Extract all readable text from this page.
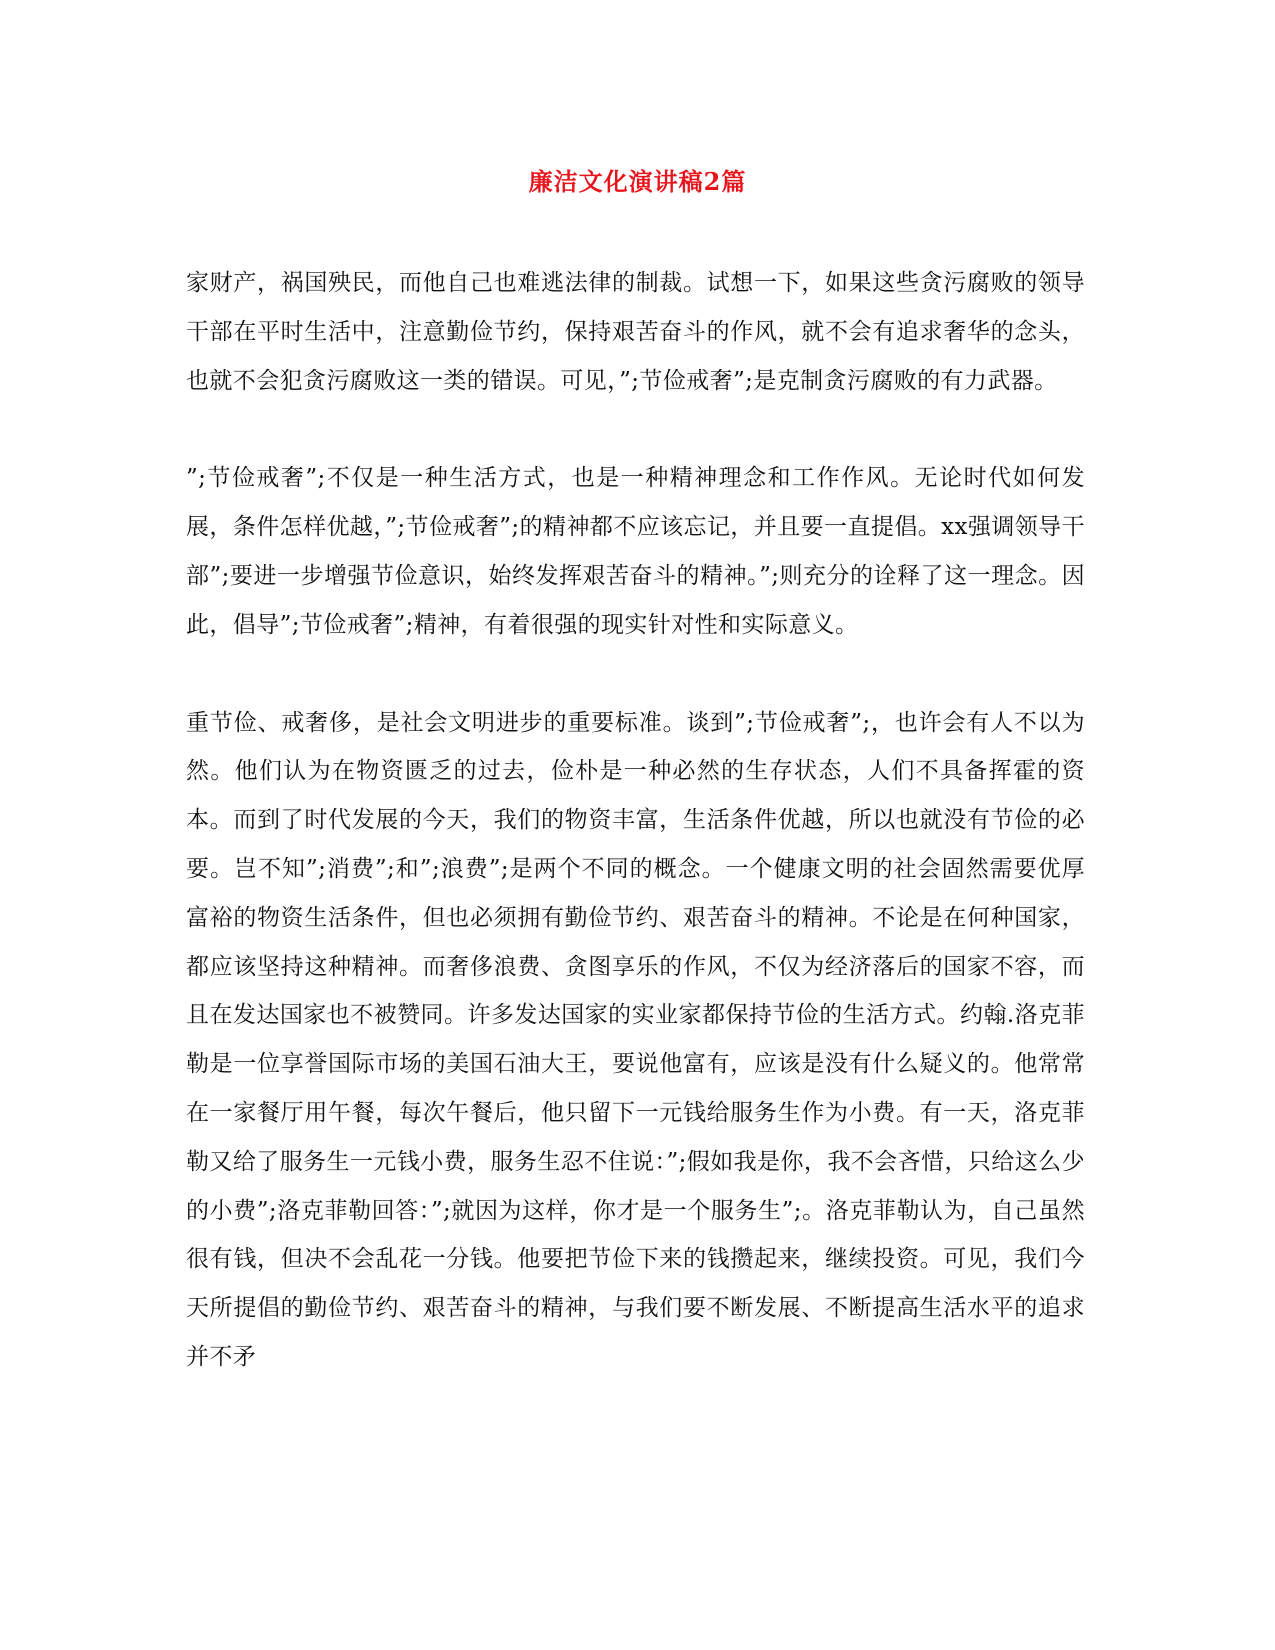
廉洁文化演讲稿2篇

家财产，祸国殃民，而他自己也难逃法律的制裁。试想一下，如果这些贪污腐败的领导干部在平时生活中，注意勤俭节约，保持艰苦奋斗的作风，就不会有追求奢华的念头，也就不会犯贪污腐败这一类的错误。可见，”;节俭戒奢”;是克制贪污腐败的有力武器。

”;节俭戒奢”;不仅是一种生活方式，也是一种精神理念和工作作风。无论时代如何发展，条件怎样优越，”;节俭戒奢”;的精神都不应该忘记，并且要一直提倡。xx强调领导干部”;要进一步增强节俭意识，始终发挥艰苦奋斗的精神。”;则充分的诠释了这一理念。因此，倡导”;节俭戒奢”;精神，有着很强的现实针对性和实际意义。

重节俭、戒奢侈，是社会文明进步的重要标准。谈到”;节俭戒奢”;，也许会有人不以为然。他们认为在物资匮乏的过去，俭朴是一种必然的生存状态，人们不具备挥霍的资本。而到了时代发展的今天，我们的物资丰富，生活条件优越，所以也就没有节俭的必要。岂不知”;消费”;和”;浪费”;是两个不同的概念。一个健康文明的社会固然需要优厚富裕的物资生活条件，但也必须拥有勤俭节约、艰苦奋斗的精神。不论是在何种国家，都应该坚持这种精神。而奢侈浪费、贪图享乐的作风，不仅为经济落后的国家不容，而且在发达国家也不被赞同。许多发达国家的实业家都保持节俭的生活方式。约翰.洛克菲勒是一位享誉国际市场的美国石油大王，要说他富有，应该是没有什么疑义的。他常常在一家餐厅用午餐，每次午餐后，他只留下一元钱给服务生作为小费。有一天，洛克菲勒又给了服务生一元钱小费，服务生忍不住说：”;假如我是你，我不会吝惜，只给这么少的小费”;洛克菲勒回答：”;就因为这样，你才是一个服务生”;。洛克菲勒认为，自己虽然很有钱，但决不会乱花一分钱。他要把节俭下来的钱攒起来，继续投资。可见，我们今天所提倡的勤俭节约、艰苦奋斗的精神，与我们要不断发展、不断提高生活水平的追求并不矛
